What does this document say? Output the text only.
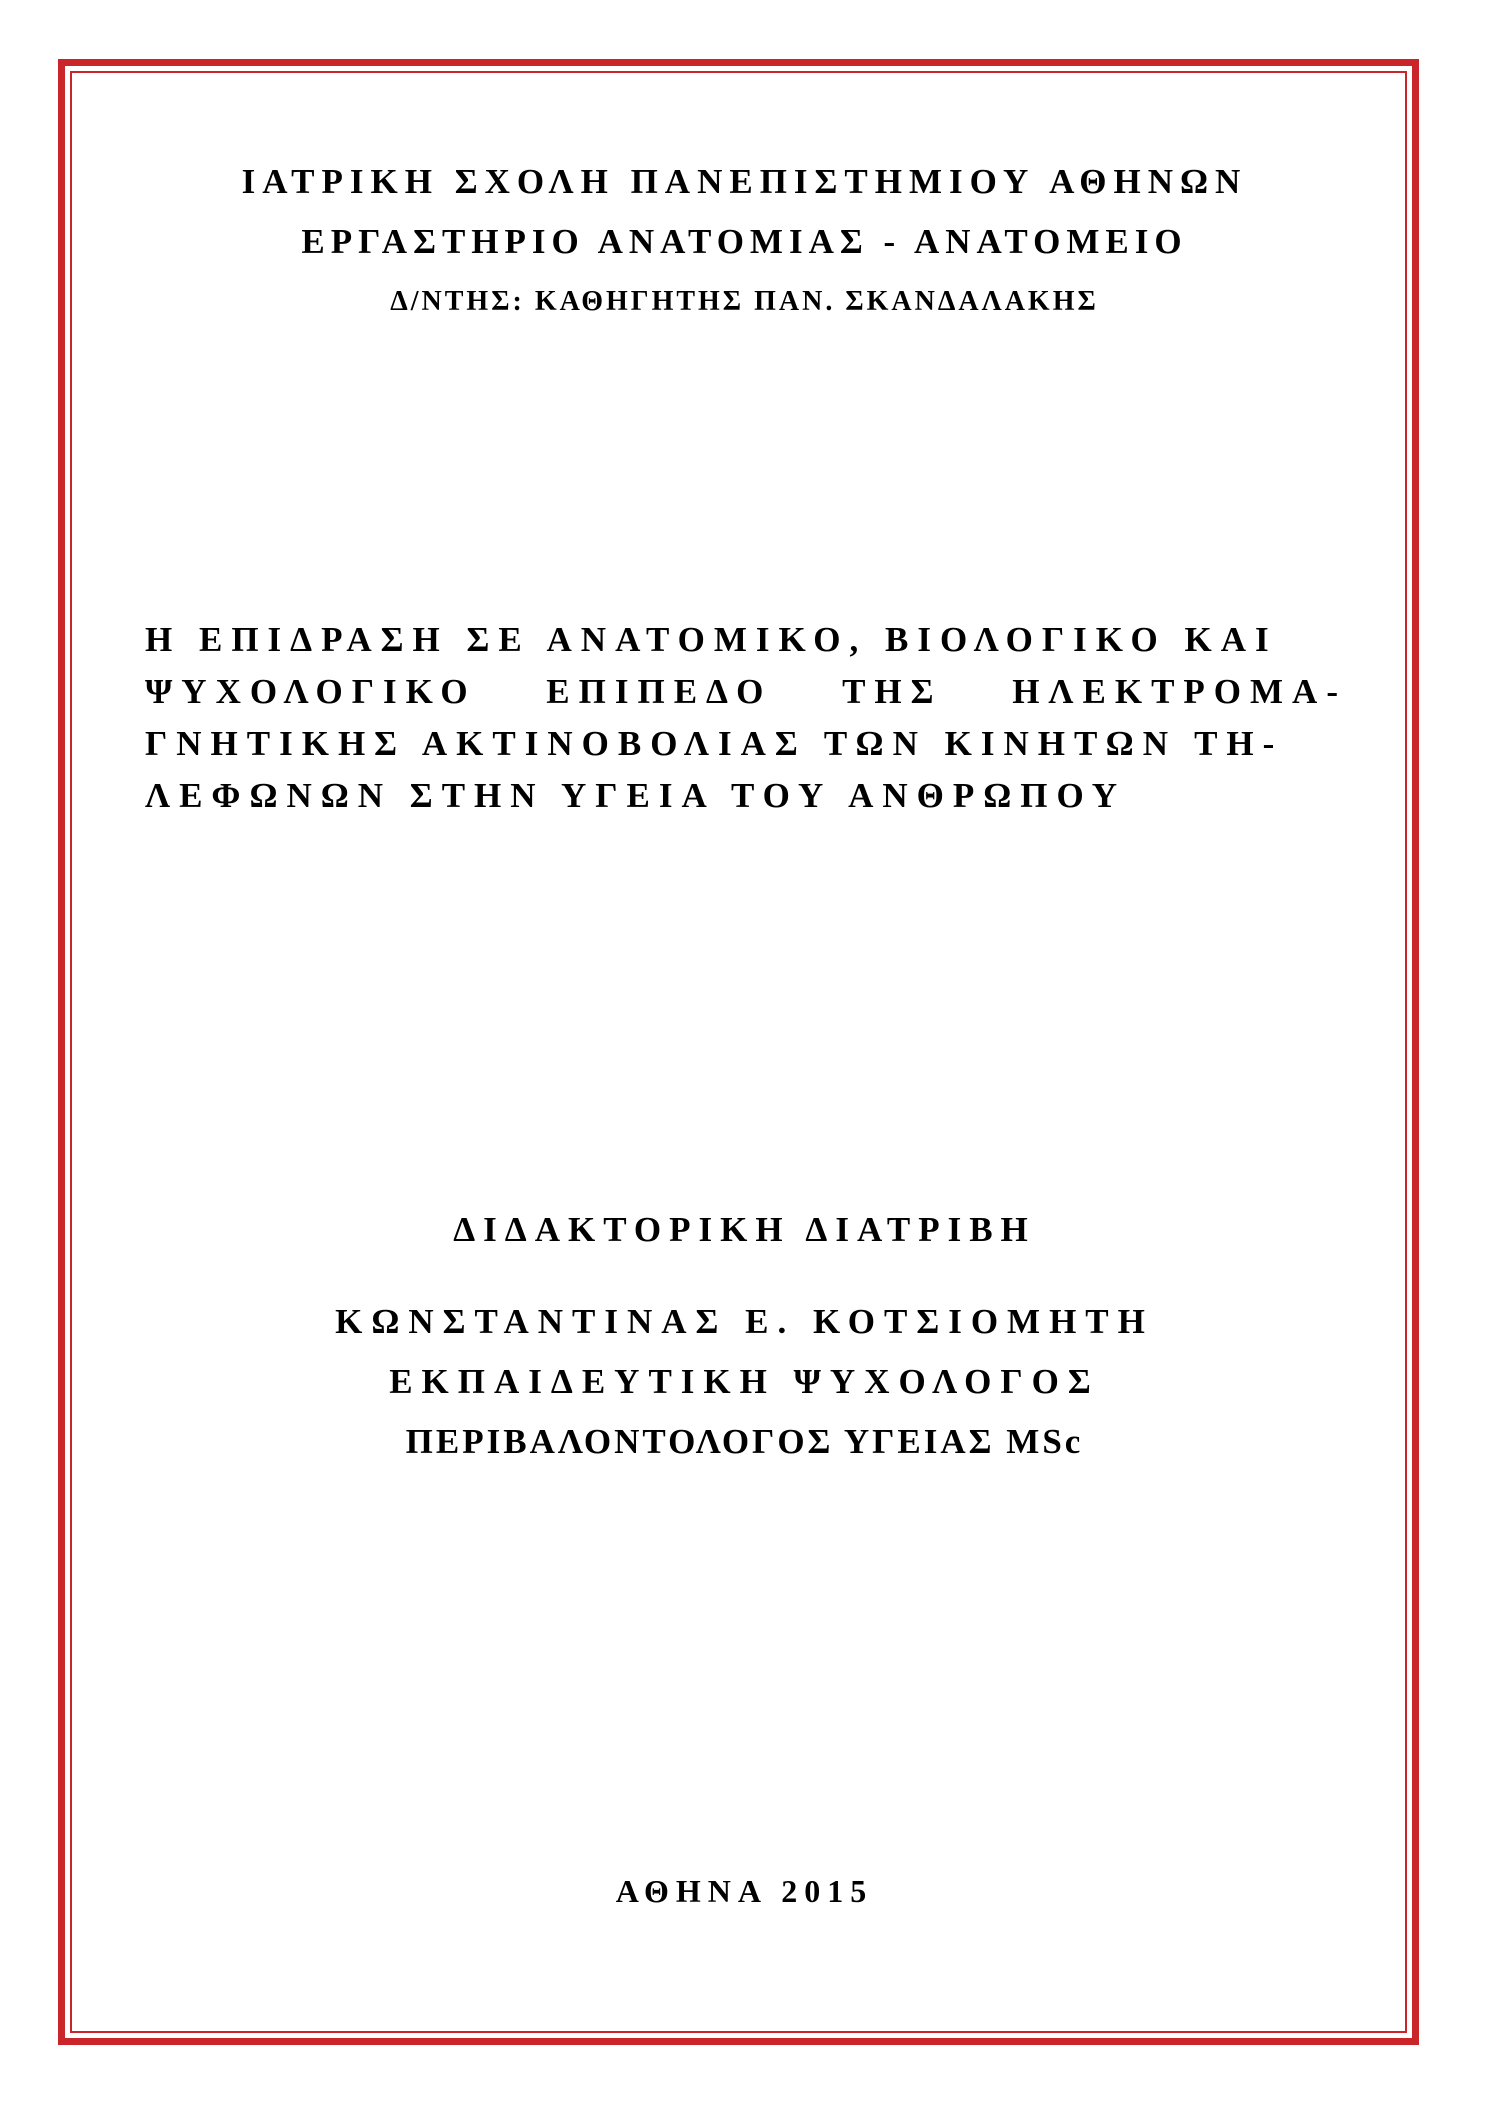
ΙΑΤΡΙΚΗ ΣΧΟΛΗ ΠΑΝΕΠΙΣΤΗΜΙΟΥ ΑΘΗΝΩΝ
ΕΡΓΑΣΤΗΡΙΟ ΑΝΑΤΟΜΙΑΣ - ΑΝΑΤΟΜΕΙΟ
Δ/ΝΤΗΣ: ΚΑΘΗΓΗΤΗΣ ΠΑΝ. ΣΚΑΝΔΑΛΑΚΗΣ
Η ΕΠΙΔΡΑΣΗ ΣΕ ΑΝΑΤΟΜΙΚΟ, ΒΙΟΛΟΓΙΚΟ ΚΑΙ
ΨΥΧΟΛΟΓΙΚΟ ΕΠΙΠΕΔΟ ΤΗΣ ΗΛΕΚΤΡΟΜΑ-
ΓΝΗΤΙΚΗΣ ΑΚΤΙΝΟΒΟΛΙΑΣ ΤΩΝ ΚΙΝΗΤΩΝ ΤΗ-
ΛΕΦΩΝΩΝ ΣΤΗΝ ΥΓΕΙΑ ΤΟΥ ΑΝΘΡΩΠΟΥ
ΔΙΔΑΚΤΟΡΙΚΗ ΔΙΑΤΡΙΒΗ
ΚΩΝΣΤΑΝΤΙΝΑΣ Ε. ΚΟΤΣΙΟΜΗΤΗ
ΕΚΠΑΙΔΕΥΤΙΚΗ ΨΥΧΟΛΟΓΟΣ
ΠΕΡΙΒΑΛΟΝΤΟΛΟΓΟΣ ΥΓΕΙΑΣ MSc
ΑΘΗΝΑ 2015
